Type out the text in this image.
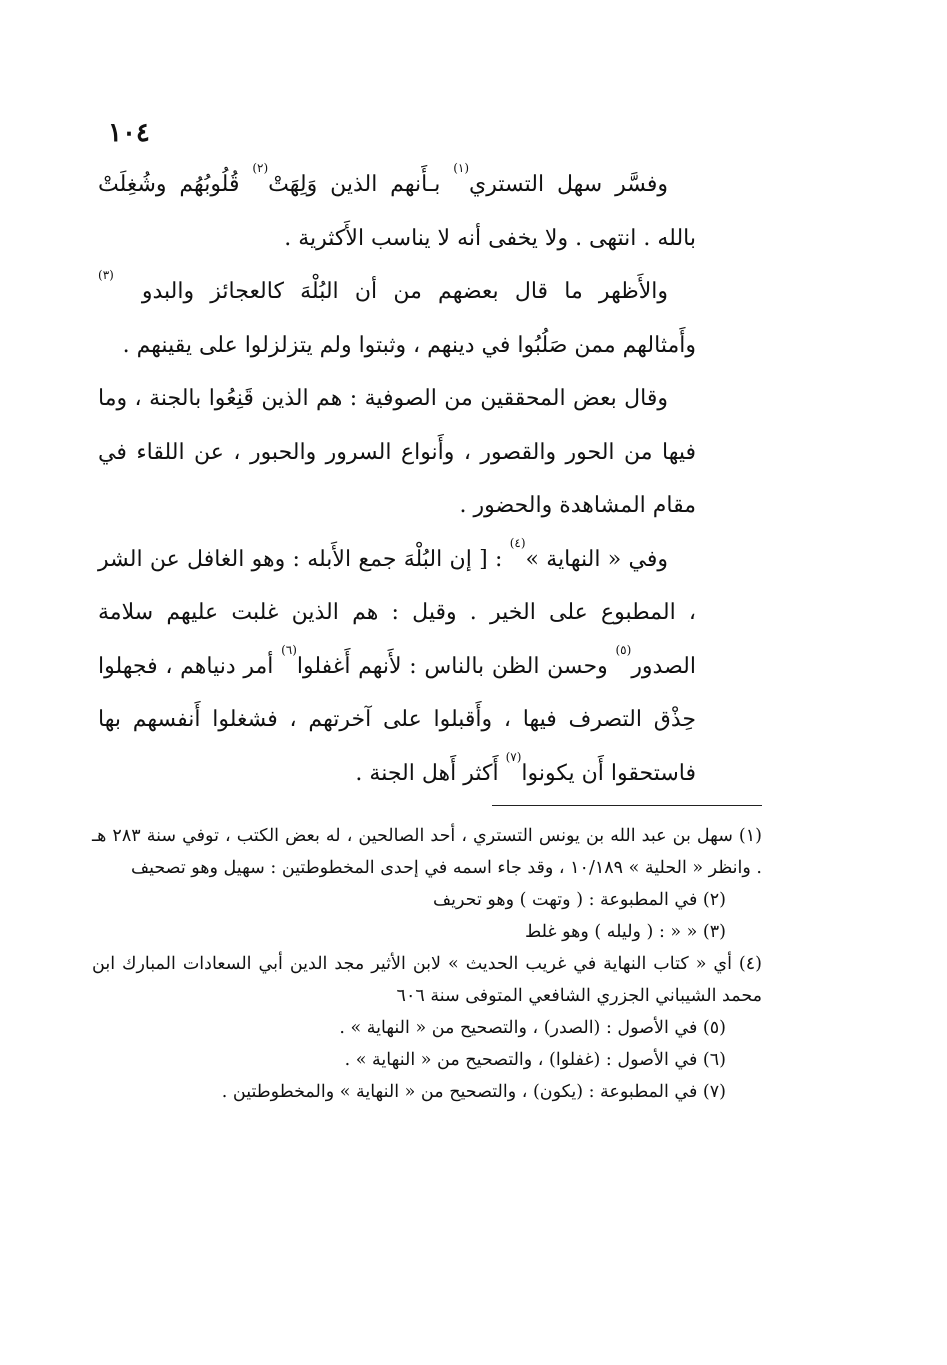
١٠٤

وفسَّر سهل التستري$^{(١)}$ بـأَنهم الذين وَلِهَتْ$^{(٢)}$ قُلُوبُهُم وشُغِلَتْ بالله . انتهى . ولا يخفى أنه لا يناسب الأَكثرية .

$^{(٣)}$
والأَظهر ما قال بعضهم من أن البُلْهَ كالعجائز والبدو وأَمثالهم ممن صَلُبُوا في دينهم ، وثبتوا ولم يتزلزلوا على يقينهم .

وقال بعض المحققين من الصوفية : هم الذين قَنِعُوا بالجنة ، وما فيها من الحور والقصور ، وأَنواع السرور والحبور ، عن اللقاء في مقام المشاهدة والحضور .

وفي « النهاية »$^{(٤)}$ : [ إن البُلْهَ جمع الأَبله : وهو الغافل عن الشر ، المطبوع على الخير . وقيل : هم الذين غلبت عليهم سلامة الصدور$^{(٥)}$ وحسن الظن بالناس : لأَنهم أَغفلوا$^{(٦)}$ أمر دنياهم ، فجهلوا حِذْق التصرف فيها ، وأَقبلوا على آخرتهم ، فشغلوا أَنفسهم بها فاستحقوا أَن يكونوا$^{(٧)}$ أَكثر أَهل الجنة .

(١) سهل بن عبد الله بن يونس التستري ، أحد الصالحين ، له بعض الكتب ، توفي سنة ٢٨٣ هـ . وانظر « الحلية » ١٠/١٨٩ ، وقد جاء اسمه في إحدى المخطوطتين : سهيل وهو تصحيف

(٢) في المطبوعة : ( وتهت ) وهو تحريف

(٣) « « : ( وليله ) وهو غلط

(٤) أي « كتاب النهاية في غريب الحديث » لابن الأثير مجد الدين أبي السعادات المبارك ابن محمد الشيباني الجزري الشافعي المتوفى سنة ٦٠٦

(٥) في الأصول : (الصدر) ، والتصحيح من « النهاية » .

(٦) في الأصول : (غفلوا) ، والتصحيح من « النهاية » .

(٧) في المطبوعة : (يكون) ، والتصحيح من « النهاية » والمخطوطتين .
